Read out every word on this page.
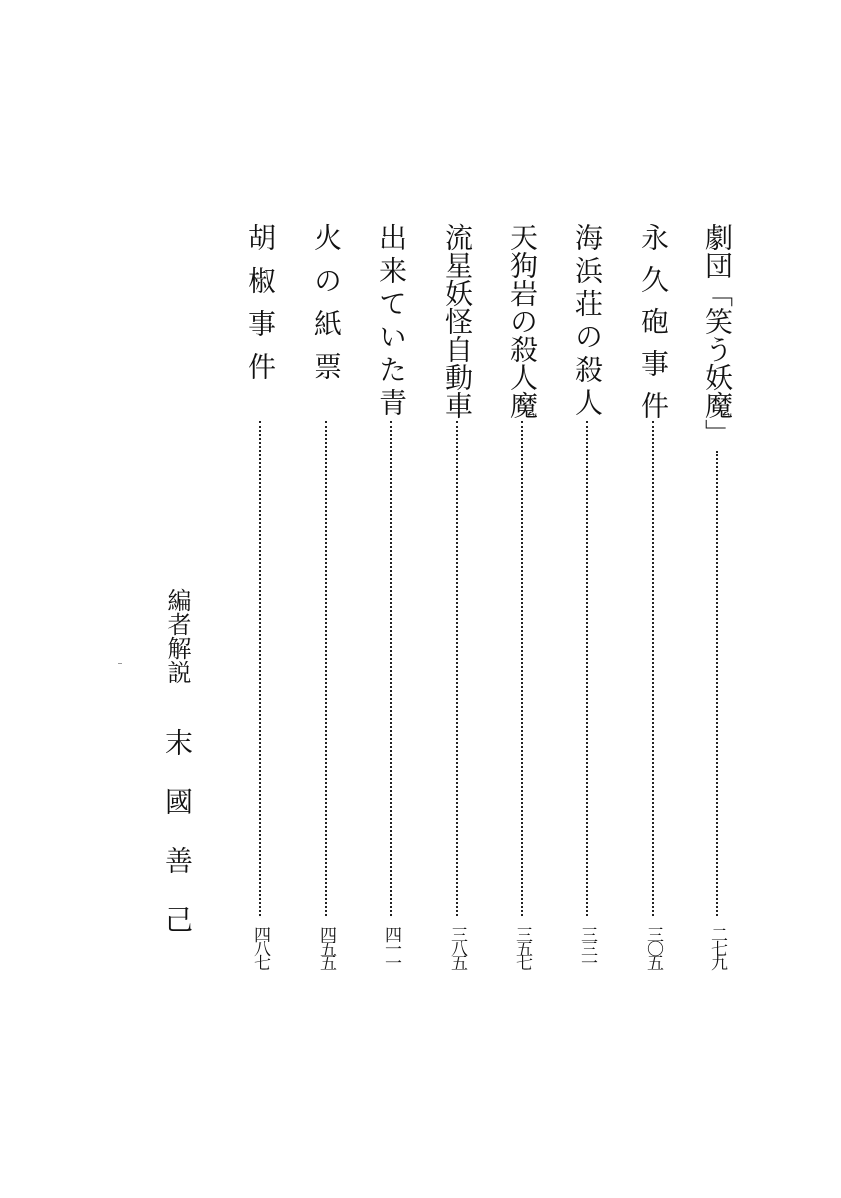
劇団「笑う妖魔」
二七九
永久砲事件
三〇五
海浜荘の殺人
三三一
天狗岩の殺人魔
三五七
流星妖怪自動車
三八五
出来ていた青
四一一
火の紙票
四五五
胡椒事件
四八七
編者解説
末國善己
